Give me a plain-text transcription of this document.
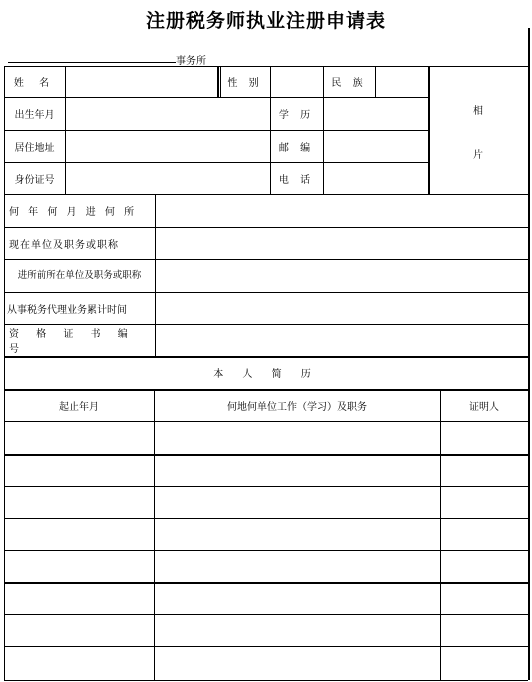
注册税务师执业注册申请表
事务所
姓 名	性 别	民 族
出生年月	学 历
居住地址	邮 编
身份证号	电 话
相
片
何 年 何 月 进 何 所
现在单位及职务或职称
进所前所在单位及职务或职称
从事税务代理业务累计时间
资 格 证 书 编 号
本 人 简 历
起止年月	何地何单位工作（学习）及职务	证明人
